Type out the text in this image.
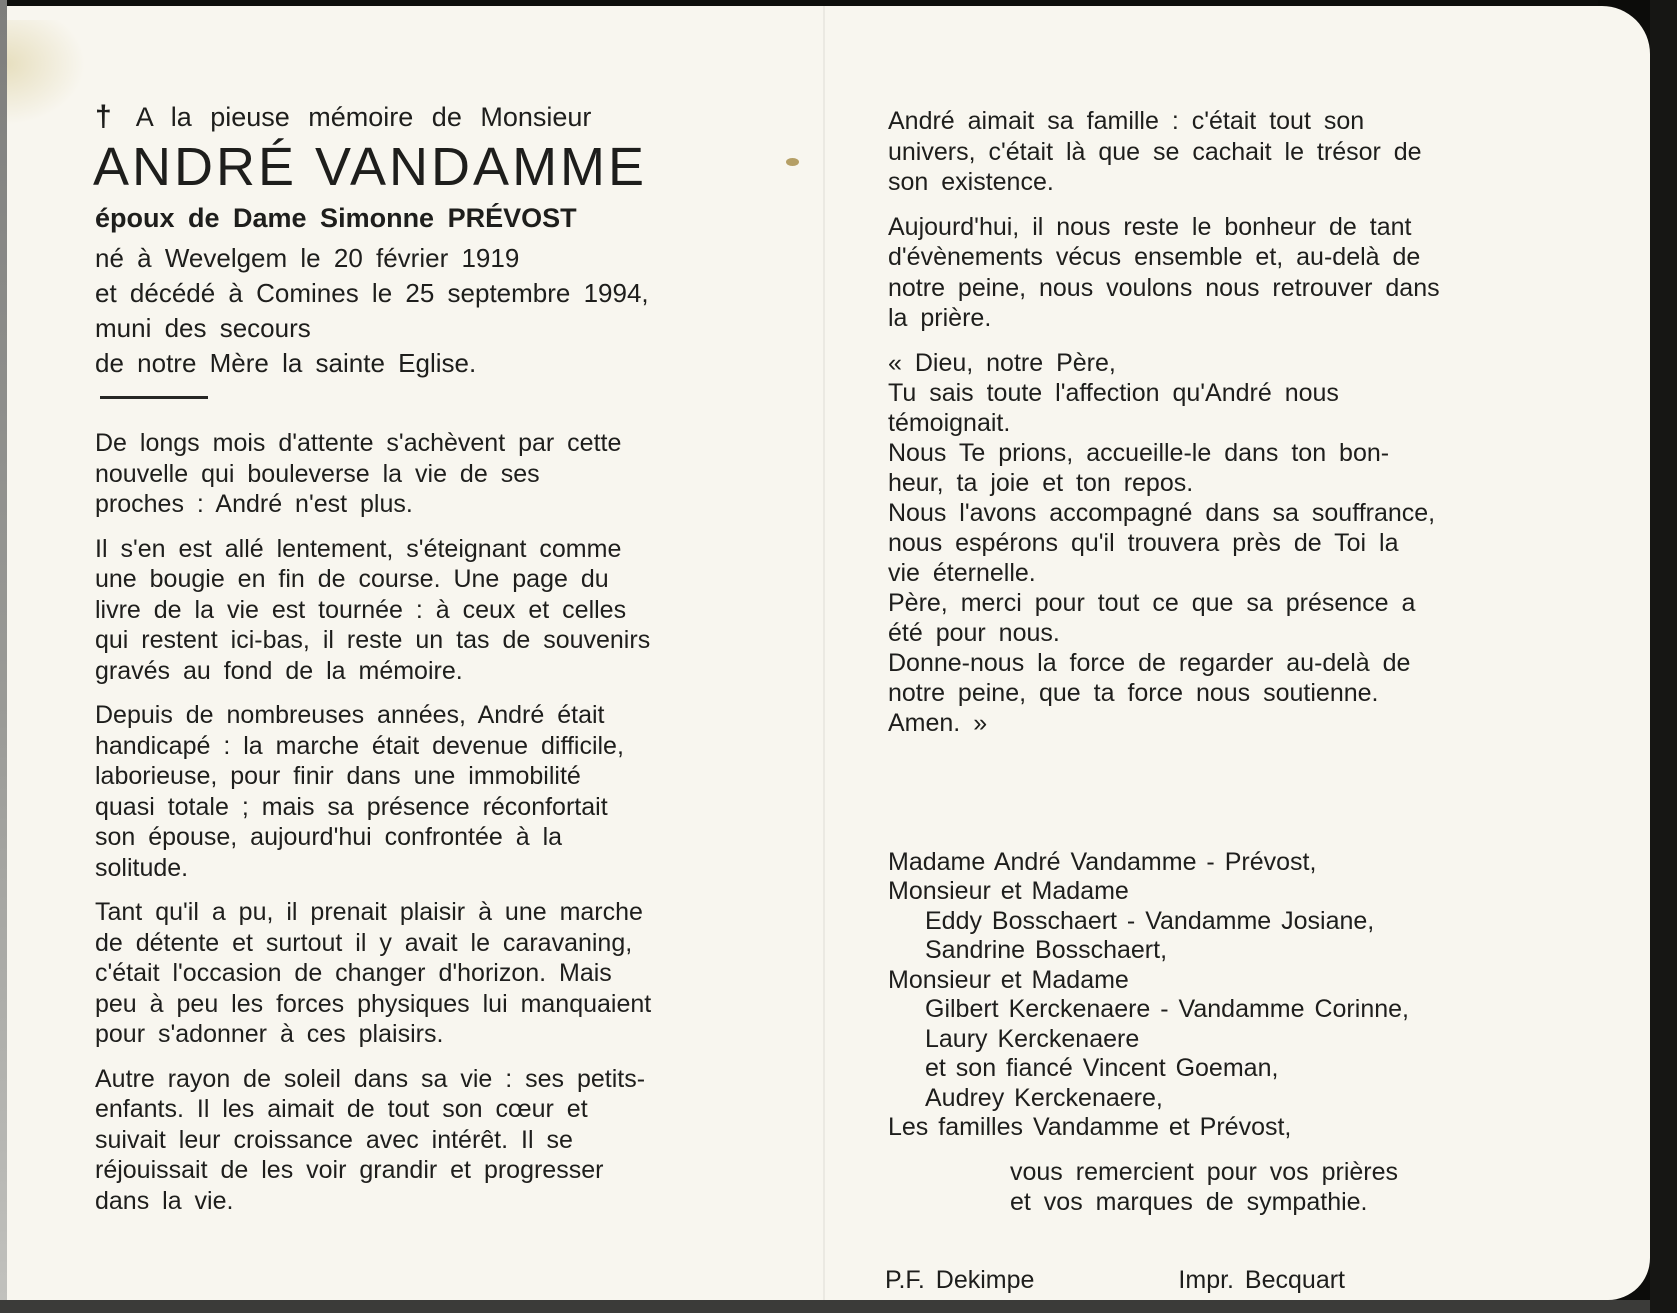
† A la pieuse mémoire de Monsieur
ANDRÉ VANDAMME
époux de Dame Simonne PRÉVOST
né à Wevelgem le 20 février 1919
et décédé à Comines le 25 septembre 1994,
muni des secours
de notre Mère la sainte Eglise.
De longs mois d'attente s'achèvent par cette
nouvelle qui bouleverse la vie de ses
proches : André n'est plus.
Il s'en est allé lentement, s'éteignant comme
une bougie en fin de course. Une page du
livre de la vie est tournée : à ceux et celles
qui restent ici-bas, il reste un tas de souvenirs
gravés au fond de la mémoire.
Depuis de nombreuses années, André était
handicapé : la marche était devenue difficile,
laborieuse, pour finir dans une immobilité
quasi totale ; mais sa présence réconfortait
son épouse, aujourd'hui confrontée à la
solitude.
Tant qu'il a pu, il prenait plaisir à une marche
de détente et surtout il y avait le caravaning,
c'était l'occasion de changer d'horizon. Mais
peu à peu les forces physiques lui manquaient
pour s'adonner à ces plaisirs.
Autre rayon de soleil dans sa vie : ses petits-
enfants. Il les aimait de tout son cœur et
suivait leur croissance avec intérêt. Il se
réjouissait de les voir grandir et progresser
dans la vie.
André aimait sa famille : c'était tout son
univers, c'était là que se cachait le trésor de
son existence.
Aujourd'hui, il nous reste le bonheur de tant
d'évènements vécus ensemble et, au-delà de
notre peine, nous voulons nous retrouver dans
la prière.
« Dieu, notre Père,
Tu sais toute l'affection qu'André nous
témoignait.
Nous Te prions, accueille-le dans ton bon-
heur, ta joie et ton repos.
Nous l'avons accompagné dans sa souffrance,
nous espérons qu'il trouvera près de Toi la
vie éternelle.
Père, merci pour tout ce que sa présence a
été pour nous.
Donne-nous la force de regarder au-delà de
notre peine, que ta force nous soutienne.
Amen. »
Madame André Vandamme - Prévost,
Monsieur et Madame
Eddy Bosschaert - Vandamme Josiane,
Sandrine Bosschaert,
Monsieur et Madame
Gilbert Kerckenaere - Vandamme Corinne,
Laury Kerckenaere
et son fiancé Vincent Goeman,
Audrey Kerckenaere,
Les familles Vandamme et Prévost,
vous remercient pour vos prières
et vos marques de sympathie.
P.F. Dekimpe	Impr. Becquart
